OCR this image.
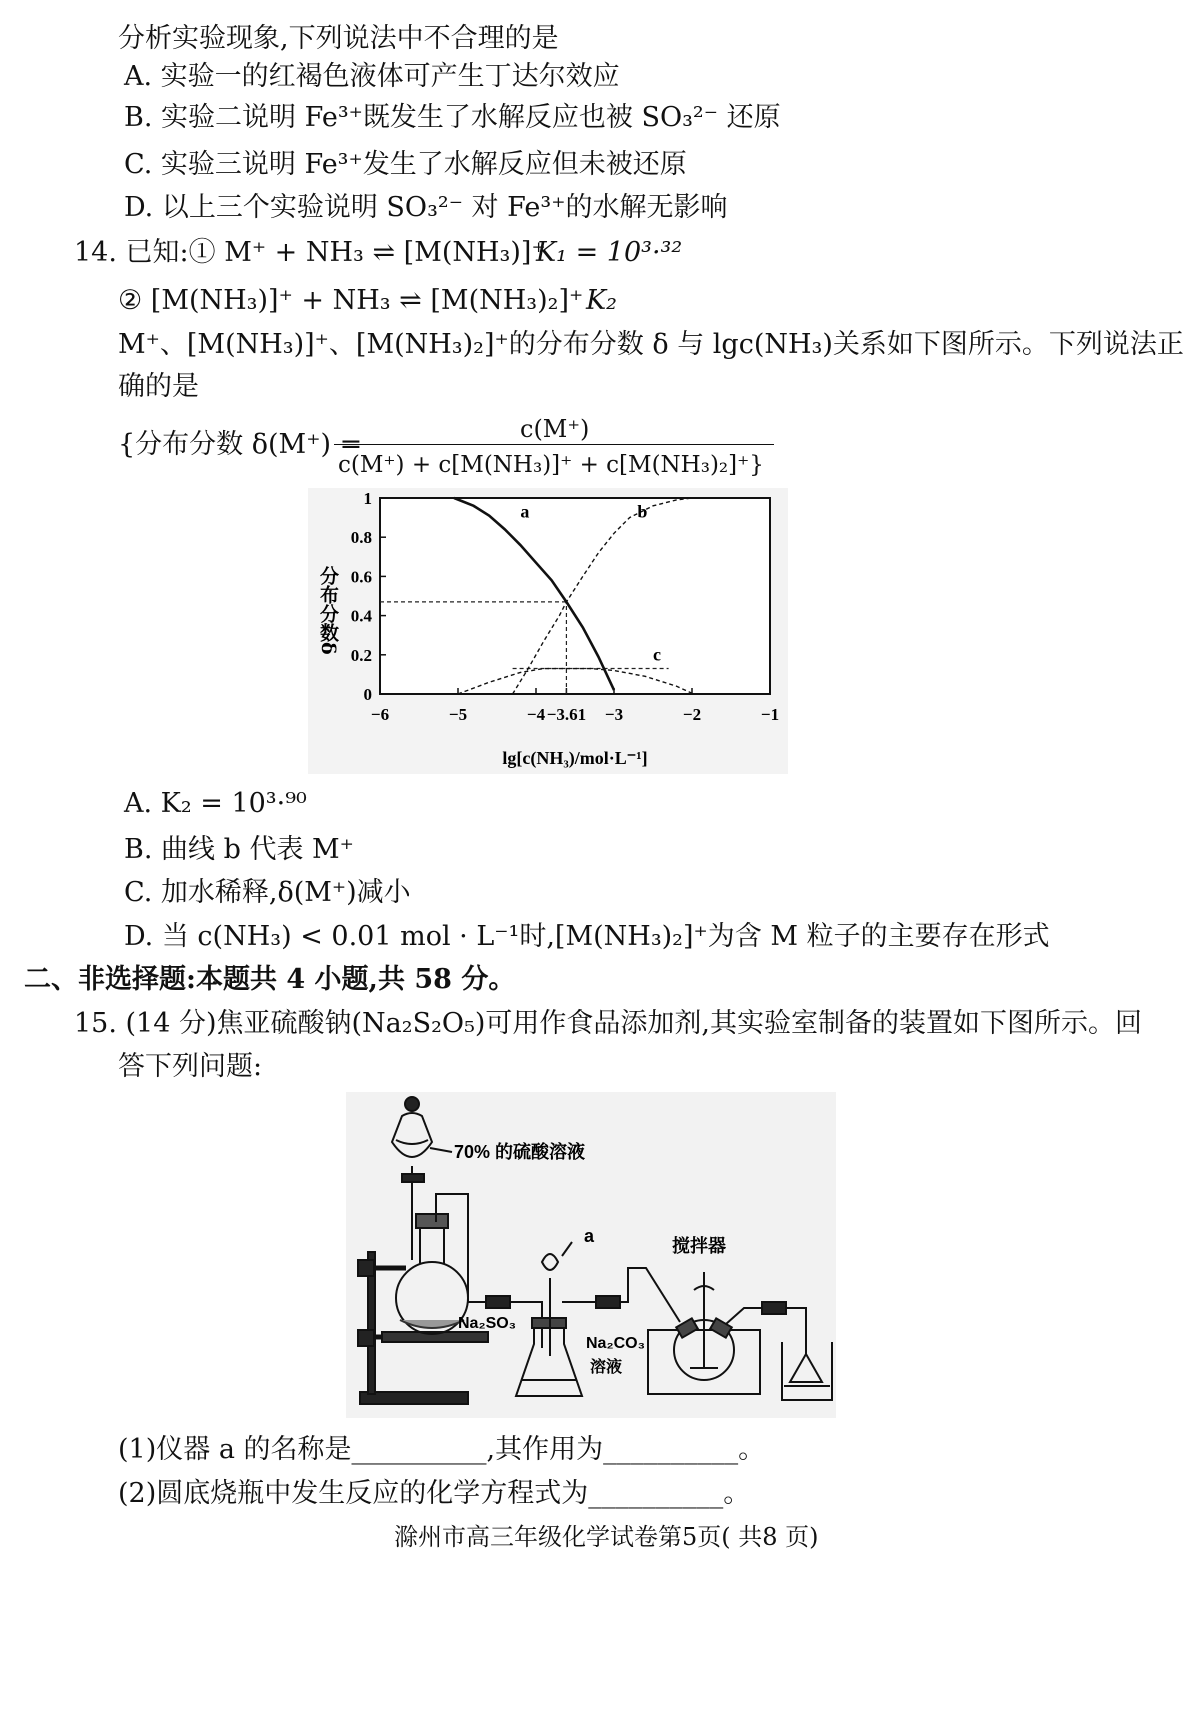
分析实验现象,下列说法中不合理的是
A. 实验一的红褐色液体可产生丁达尔效应
B. 实验二说明 Fe³⁺既发生了水解反应也被 SO₃²⁻ 还原
C. 实验三说明 Fe³⁺发生了水解反应但未被还原
D. 以上三个实验说明 SO₃²⁻ 对 Fe³⁺的水解无影响
14. 已知:① M⁺ + NH₃ ⇌ [M(NH₃)]⁺
K₁ = 10³·³²
② [M(NH₃)]⁺ + NH₃ ⇌ [M(NH₃)₂]⁺ K₂
M⁺、[M(NH₃)]⁺、[M(NH₃)₂]⁺的分布分数 δ 与 lgc(NH₃)关系如下图所示。下列说法正
确的是
{分布分数 δ(M⁺) =	c(M⁺)
c(M⁺) + c[M(NH₃)]⁺ + c[M(NH₃)₂]⁺}
0
0.2
0.4
0.6
0.8
1
−6	−5	−4 −3.61 −3	−2	−1
分布分数δ
lg[c(NH₃)/mol·L⁻¹]
a	b
c
A. K₂ = 10³·⁹⁰
B. 曲线 b 代表 M⁺
C. 加水稀释,δ(M⁺)减小
D. 当 c(NH₃) < 0.01 mol · L⁻¹时,[M(NH₃)₂]⁺为含 M 粒子的主要存在形式
二、非选择题:本题共 4 小题,共 58 分。
15. (14 分)焦亚硫酸钠(Na₂S₂O₅)可用作食品添加剂,其实验室制备的装置如下图所示。回
答下列问题:
70% 的硫酸溶液
a	搅拌器
Na₂SO₃
Na₂CO₃
溶液
(1)仪器 a 的名称是__________,其作用为__________。
(2)圆底烧瓶中发生反应的化学方程式为__________。
滁州市高三年级化学试卷第5页( 共8 页)
